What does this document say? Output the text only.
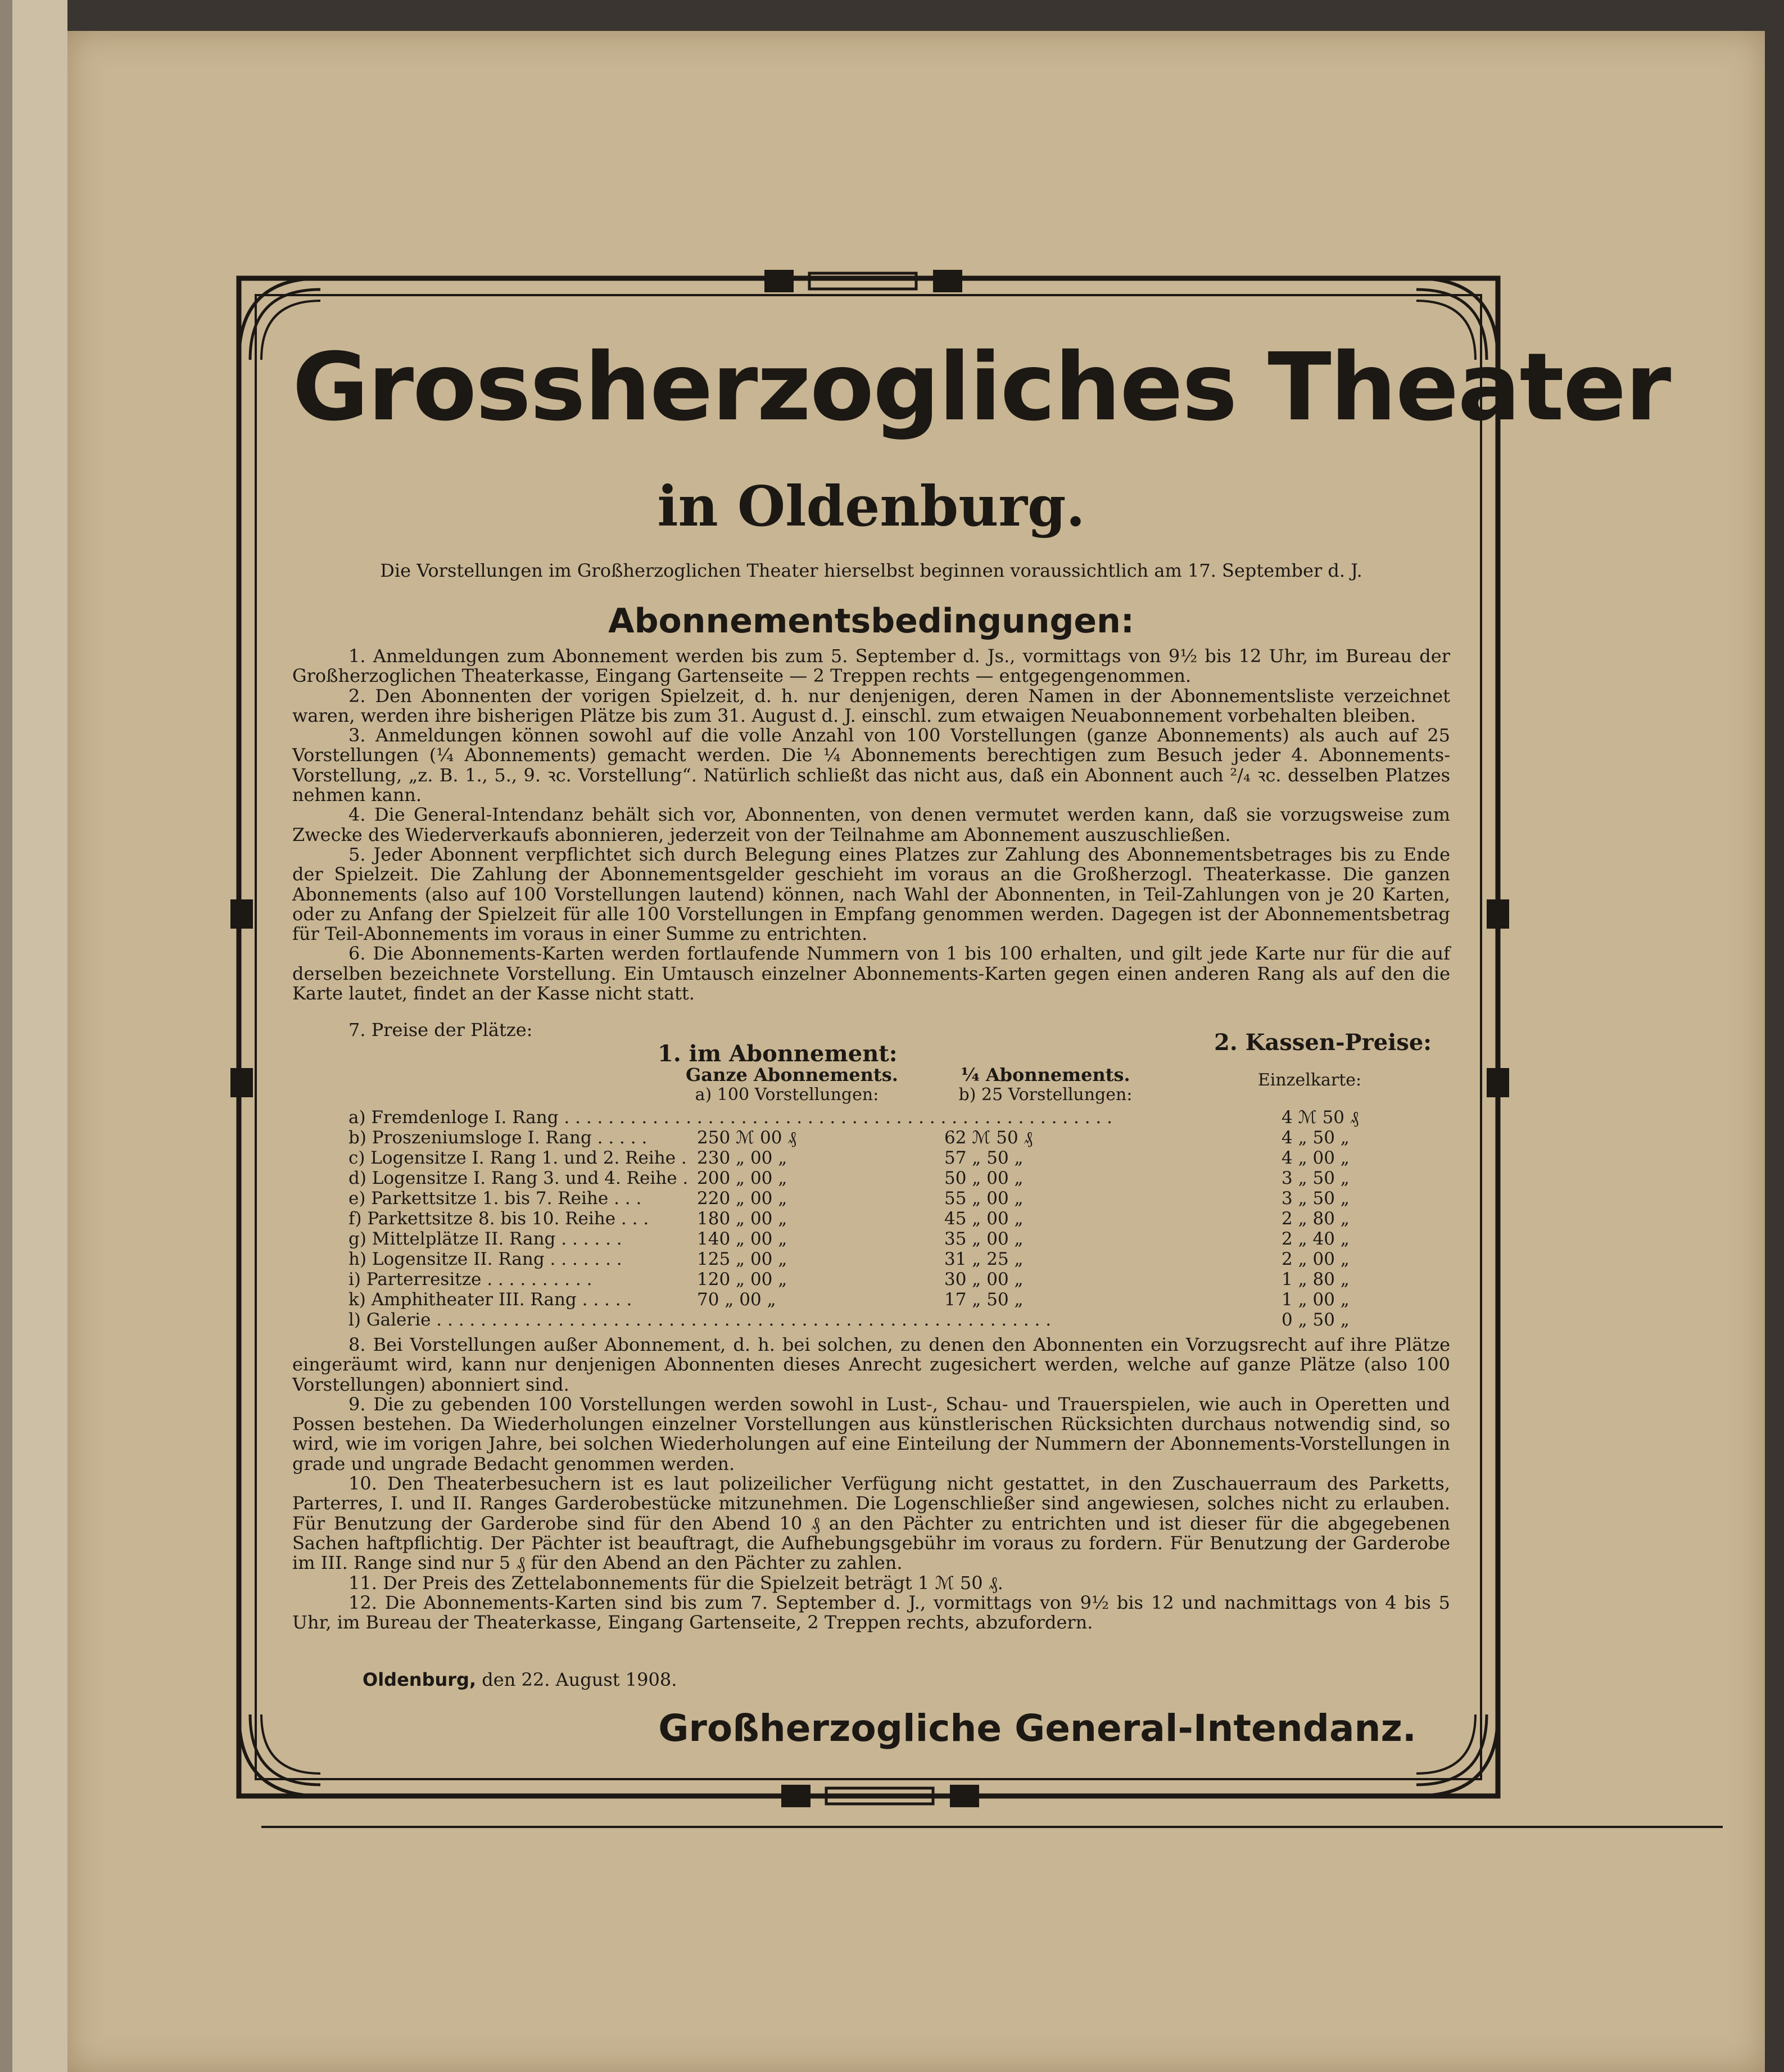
Grossherzogliches Theater
in Oldenburg.
Die Vorstellungen im Großherzoglichen Theater hierselbst beginnen voraussichtlich am 17. September d. J.
Abonnementsbedingungen:
1. Anmeldungen zum Abonnement werden bis zum 5. September d. Js., vormittags von 9½ bis 12 Uhr, im Bureau der Großherzoglichen Theaterkasse, Eingang Gartenseite — 2 Treppen rechts — entgegengenommen.
2. Den Abonnenten der vorigen Spielzeit, d. h. nur denjenigen, deren Namen in der Abonnementsliste verzeichnet waren, werden ihre bisherigen Plätze bis zum 31. August d. J. einschl. zum etwaigen Neuabonnement vorbehalten bleiben.
3. Anmeldungen können sowohl auf die volle Anzahl von 100 Vorstellungen (ganze Abonnements) als auch auf 25 Vorstellungen (¼ Abonnements) gemacht werden. Die ¼ Abonnements berechtigen zum Besuch jeder 4. Abonnements-Vorstellung, „z. B. 1., 5., 9. ꝛc. Vorstellung“. Natürlich schließt das nicht aus, daß ein Abonnent auch ²/₄ ꝛc. desselben Platzes nehmen kann.
4. Die General-Intendanz behält sich vor, Abonnenten, von denen vermutet werden kann, daß sie vorzugsweise zum Zwecke des Wiederverkaufs abonnieren, jederzeit von der Teilnahme am Abonnement auszuschließen.
5. Jeder Abonnent verpflichtet sich durch Belegung eines Platzes zur Zahlung des Abonnementsbetrages bis zu Ende der Spielzeit. Die Zahlung der Abonnementsgelder geschieht im voraus an die Großherzogl. Theaterkasse. Die ganzen Abonnements (also auf 100 Vorstellungen lautend) können, nach Wahl der Abonnenten, in Teil-Zahlungen von je 20 Karten, oder zu Anfang der Spielzeit für alle 100 Vorstellungen in Empfang genommen werden. Dagegen ist der Abonnementsbetrag für Teil-Abonnements im voraus in einer Summe zu entrichten.
6. Die Abonnements-Karten werden fortlaufende Nummern von 1 bis 100 erhalten, und gilt jede Karte nur für die auf derselben bezeichnete Vorstellung. Ein Umtausch einzelner Abonnements-Karten gegen einen anderen Rang als auf den die Karte lautet, findet an der Kasse nicht statt.
7. Preise der Plätze:
1. im Abonnement:	2. Kassen-Preise:
Ganze Abonnements.
a) 100 Vorstellungen:
¼ Abonnements.
b) 25 Vorstellungen:
Einzelkarte:
a) Fremdenloge I. Rang . . . . . . . . . . . . . . . . . . . . . . . . . . . . . . . . . . . . . . . . . . . . . . . . . .	4 ℳ 50 ₰
b) Proszeniumsloge I. Rang . . . . .	250 ℳ 00 ₰	62 ℳ 50 ₰	4 „ 50 „
c) Logensitze I. Rang 1. und 2. Reihe . 230 „ 00 „	57 „ 50 „	4 „ 00 „
d) Logensitze I. Rang 3. und 4. Reihe . 200 „ 00 „	50 „ 00 „	3 „ 50 „
e) Parkettsitze 1. bis 7. Reihe . . .	220 „ 00 „	55 „ 00 „	3 „ 50 „
f) Parkettsitze 8. bis 10. Reihe . . .	180 „ 00 „	45 „ 00 „	2 „ 80 „
g) Mittelplätze II. Rang . . . . . .	140 „ 00 „	35 „ 00 „	2 „ 40 „
h) Logensitze II. Rang . . . . . . .	125 „ 00 „	31 „ 25 „	2 „ 00 „
i) Parterresitze . . . . . . . . . .	120 „ 00 „	30 „ 00 „	1 „ 80 „
k) Amphitheater III. Rang . . . . .	70 „ 00 „	17 „ 50 „	1 „ 00 „
l) Galerie . . . . . . . . . . . . . . . . . . . . . . . . . . . . . . . . . . . . . . . . . . . . . . . . . . . . . . . .	0 „ 50 „
8. Bei Vorstellungen außer Abonnement, d. h. bei solchen, zu denen den Abonnenten ein Vorzugsrecht auf ihre Plätze eingeräumt wird, kann nur denjenigen Abonnenten dieses Anrecht zugesichert werden, welche auf ganze Plätze (also 100 Vorstellungen) abonniert sind.
9. Die zu gebenden 100 Vorstellungen werden sowohl in Lust-, Schau- und Trauerspielen, wie auch in Operetten und Possen bestehen. Da Wiederholungen einzelner Vorstellungen aus künstlerischen Rücksichten durchaus notwendig sind, so wird, wie im vorigen Jahre, bei solchen Wiederholungen auf eine Einteilung der Nummern der Abonnements-Vorstellungen in grade und ungrade Bedacht genommen werden.
10. Den Theaterbesuchern ist es laut polizeilicher Verfügung nicht gestattet, in den Zuschauerraum des Parketts, Parterres, I. und II. Ranges Garderobestücke mitzunehmen. Die Logenschließer sind angewiesen, solches nicht zu erlauben. Für Benutzung der Garderobe sind für den Abend 10 ₰ an den Pächter zu entrichten und ist dieser für die abgegebenen Sachen haftpflichtig. Der Pächter ist beauftragt, die Aufhebungsgebühr im voraus zu fordern. Für Benutzung der Garderobe im III. Range sind nur 5 ₰ für den Abend an den Pächter zu zahlen.
11. Der Preis des Zettelabonnements für die Spielzeit beträgt 1 ℳ 50 ₰.
12. Die Abonnements-Karten sind bis zum 7. September d. J., vormittags von 9½ bis 12 und nachmittags von 4 bis 5 Uhr, im Bureau der Theaterkasse, Eingang Gartenseite, 2 Treppen rechts, abzufordern.
Oldenburg, den 22. August 1908.
Großherzogliche General-Intendanz.
